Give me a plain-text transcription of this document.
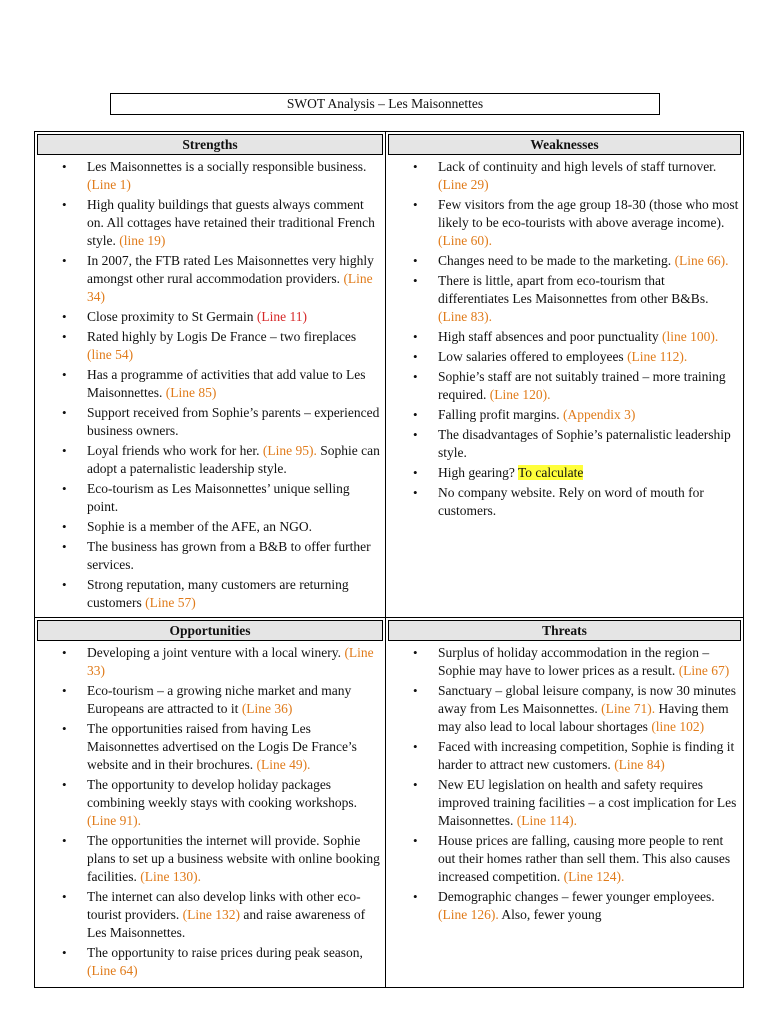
SWOT Analysis – Les Maisonnettes
Strengths
• Les Maisonnettes is a socially responsible business. (Line 1)
• High quality buildings that guests always comment on. All cottages have retained their traditional French style. (line 19)
• In 2007, the FTB rated Les Maisonnettes very highly amongst other rural accommodation providers. (Line 34)
• Close proximity to St Germain (Line 11)
• Rated highly by Logis De France – two fireplaces (line 54)
• Has a programme of activities that add value to Les Maisonnettes. (Line 85)
• Support received from Sophie’s parents – experienced business owners.
• Loyal friends who work for her. (Line 95). Sophie can adopt a paternalistic leadership style.
• Eco-tourism as Les Maisonnettes’ unique selling point.
• Sophie is a member of the AFE, an NGO.
• The business has grown from a B&B to offer further services.
• Strong reputation, many customers are returning customers (Line 57)
Weaknesses
• Lack of continuity and high levels of staff turnover. (Line 29)
• Few visitors from the age group 18-30 (those who most likely to be eco-tourists with above average income). (Line 60).
• Changes need to be made to the marketing. (Line 66).
• There is little, apart from eco-tourism that differentiates Les Maisonnettes from other B&Bs. (Line 83).
• High staff absences and poor punctuality (line 100).
• Low salaries offered to employees (Line 112).
• Sophie’s staff are not suitably trained – more training required. (Line 120).
• Falling profit margins. (Appendix 3)
• The disadvantages of Sophie’s paternalistic leadership style.
• High gearing? To calculate
• No company website. Rely on word of mouth for customers.
Opportunities
• Developing a joint venture with a local winery. (Line 33)
• Eco-tourism – a growing niche market and many Europeans are attracted to it (Line 36)
• The opportunities raised from having Les Maisonnettes advertised on the Logis De France’s website and in their brochures. (Line 49).
• The opportunity to develop holiday packages combining weekly stays with cooking workshops. (Line 91).
• The opportunities the internet will provide. Sophie plans to set up a business website with online booking facilities. (Line 130).
• The internet can also develop links with other eco-tourist providers. (Line 132) and raise awareness of Les Maisonnettes.
• The opportunity to raise prices during peak season, (Line 64)
Threats
• Surplus of holiday accommodation in the region – Sophie may have to lower prices as a result. (Line 67)
• Sanctuary – global leisure company, is now 30 minutes away from Les Maisonnettes. (Line 71). Having them may also lead to local labour shortages (line 102)
• Faced with increasing competition, Sophie is finding it harder to attract new customers. (Line 84)
• New EU legislation on health and safety requires improved training facilities – a cost implication for Les Maisonnettes. (Line 114).
• House prices are falling, causing more people to rent out their homes rather than sell them. This also causes increased competition. (Line 124).
• Demographic changes – fewer younger employees. (Line 126). Also, fewer young
